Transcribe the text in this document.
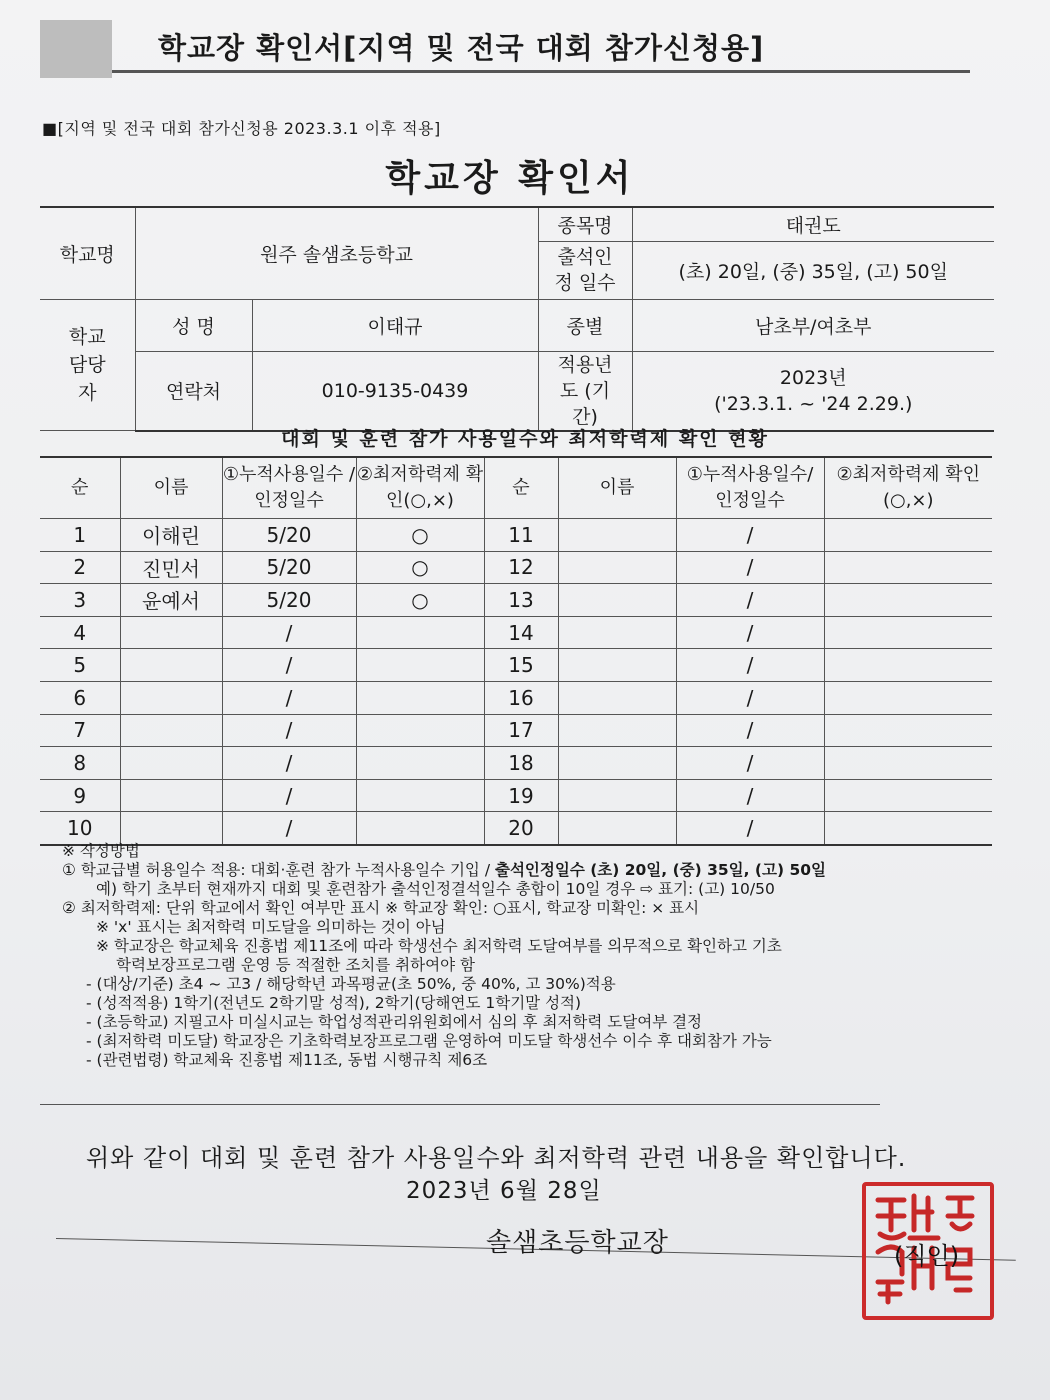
학교장 확인서[지역 및 전국 대회 참가신청용]
■[지역 및 전국 대회 참가신청용 2023.3.1 이후 적용]
학교장 확인서
학교명	원주 솔샘초등학교		종목명	태권도
			출석인정 일수	(초) 20일, (중) 35일, (고) 50일
학교 담당자	성 명	이태규	종별	남초부/여초부
	연락처	010-9135-0439	적용년도 (기간)	2023년
('23.3.1. ~ '24 2.29.)
대회 및 훈련 참가 사용일수와 최저학력제 확인 현황
순	이름	①누적사용일수 /인정일수	②최저학력제 확인(○,×)	순	이름	①누적사용일수/ 인정일수	②최저학력제 확인(○,×)
1	이해린	5/20	○	11		/	
2	진민서	5/20	○	12		/	
3	윤예서	5/20	○	13		/	
4		/		14		/	
5		/		15		/	
6		/		16		/	
7		/		17		/	
8		/		18		/	
9		/		19		/	
10		/		20		/	
※ 작성방법
① 학교급별 허용일수 적용: 대회·훈련 참가 누적사용일수 기입 / 출석인정일수 (초) 20일, (중) 35일, (고) 50일
예) 학기 초부터 현재까지 대회 및 훈련참가 출석인정결석일수 총합이 10일 경우 ⇨ 표기: (고) 10/50
② 최저학력제: 단위 학교에서 확인 여부만 표시 ※ 학교장 확인: ○표시, 학교장 미확인: × 표시
※ 'x' 표시는 최저학력 미도달을 의미하는 것이 아님
※ 학교장은 학교체육 진흥법 제11조에 따라 학생선수 최저학력 도달여부를 의무적으로 확인하고 기초
학력보장프로그램 운영 등 적절한 조치를 취하여야 함
- (대상/기준) 초4 ~ 고3 / 해당학년 과목평균(초 50%, 중 40%, 고 30%)적용
- (성적적용) 1학기(전년도 2학기말 성적), 2학기(당해연도 1학기말 성적)
- (초등학교) 지필고사 미실시교는 학업성적관리위원회에서 심의 후 최저학력 도달여부 결정
- (최저학력 미도달) 학교장은 기초학력보장프로그램 운영하여 미도달 학생선수 이수 후 대회참가 가능
- (관련법령) 학교체육 진흥법 제11조, 동법 시행규칙 제6조
위와 같이 대회 및 훈련 참가 사용일수와 최저학력 관련 내용을 확인합니다.
2023년 6월 28일
솔샘초등학교장	(직인)
